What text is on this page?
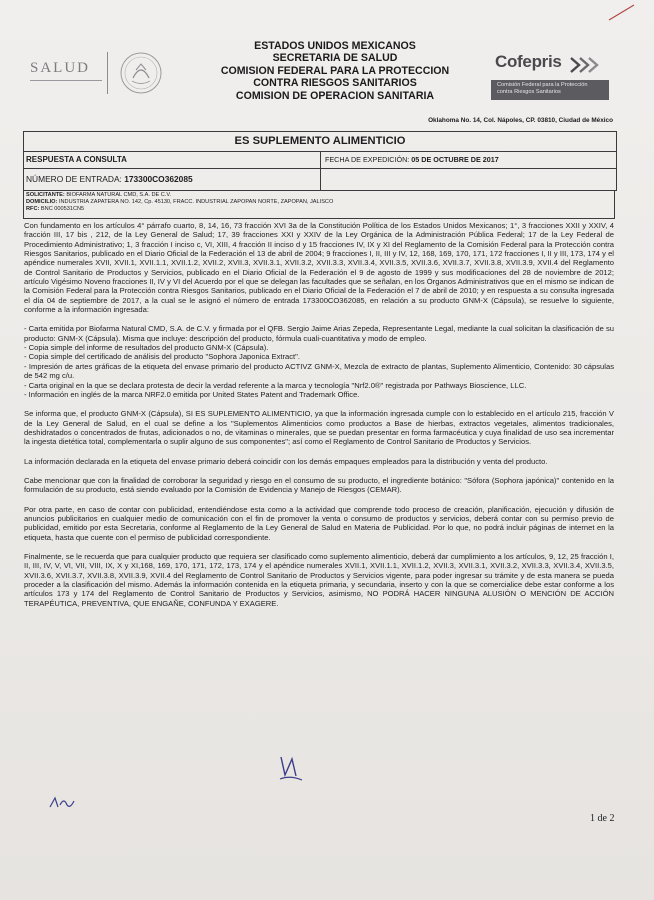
SALUD
ESTADOS UNIDOS MEXICANOS
SECRETARIA DE SALUD
COMISION FEDERAL PARA LA PROTECCION
CONTRA RIESGOS SANITARIOS
COMISION DE OPERACION SANITARIA
Cofepris
Comisión Federal para la Protección
contra Riesgos Sanitarios
Oklahoma No. 14, Col. Nápoles, CP. 03810, Ciudad de México
ES SUPLEMENTO ALIMENTICIO
RESPUESTA A CONSULTA	FECHA DE EXPEDICIÓN: 05 DE OCTUBRE DE 2017
NÚMERO DE ENTRADA: 173300CO362085
SOLICITANTE: BIOFARMA NATURAL CMD, S.A. DE C.V.
DOMICILIO: INDUSTRIA ZAPATERA NO. 142, Cp. 45130, FRACC. INDUSTRIAL ZAPOPAN NORTE, ZAPOPAN, JALISCO
RFC: BNC 000531CN5

Con fundamento en los artículos 4° párrafo cuarto, 8, 14, 16, 73 fracción XVI 3a de la Constitución Política de los Estados Unidos Mexicanos; 1°, 3 fracciones XXII y XXIV, 4 fracción III, 17 bis , 212, de la Ley General de Salud; 17, 39 fracciones XXI y XXIV de la Ley Orgánica de la Administración Pública Federal; 17 de la Ley Federal de Procedimiento Administrativo; 1, 3 fracción I inciso c, VI, XIII, 4 fracción II inciso d y 15 fracciones IV, IX y XI del Reglamento de la Comisión Federal para la Protección contra Riesgos Sanitarios, publicado en el Diario Oficial de la Federación el 13 de abril de 2004; 9 fracciones I, II, III y IV, 12, 168, 169, 170, 171, 172 fracciones I, II y III, 173, 174 y el apéndice numerales XVII, XVII.1, XVII.1.1, XVII.1.2, XVII.2, XVII.3, XVII.3.1, XVII.3.2, XVII.3.3, XVII.3.4, XVII.3.5, XVII.3.6, XVII.3.7, XVII.3.8, XVII.3.9, XVII.4 del Reglamento de Control Sanitario de Productos y Servicios, publicado en el Diario Oficial de la Federación el 9 de agosto de 1999 y sus modificaciones del 28 de noviembre de 2012; artículo Vigésimo Noveno fracciones II, IV y VI del Acuerdo por el que se delegan las facultades que se señalan, en los Órganos Administrativos que en el mismo se indican de la Comisión Federal para la Protección contra Riesgos Sanitarios, publicado en el Diario Oficial de la Federación el 7 de abril de 2010; y en respuesta a su consulta ingresada el día 04 de septiembre de 2017, a la cual se le asignó el número de entrada 173300CO362085, en relación a su producto GNM-X (Cápsula), se resuelve lo siguiente, conforme a la información ingresada:

- Carta emitida por Biofarma Natural CMD, S.A. de C.V. y firmada por el QFB. Sergio Jaime Arias Zepeda, Representante Legal, mediante la cual solicitan la clasificación de su producto: GNM-X (Cápsula). Misma que incluye: descripción del producto, fórmula cuali-cuantitativa y modo de empleo.

- Copia simple del informe de resultados del producto GNM-X (Cápsula).

- Copia simple del certificado de análisis del producto "Sophora Japonica Extract".

- Impresión de artes gráficas de la etiqueta del envase primario del producto ACTIVZ GNM-X, Mezcla de extracto de plantas, Suplemento Alimenticio, Contenido: 30 cápsulas de 542 mg c/u.

- Carta original en la que se declara protesta de decir la verdad referente a la marca y tecnología "Nrf2.0®" registrada por Pathways Bioscience, LLC.

- Información en inglés de la marca NRF2.0 emitida por United States Patent and Trademark Office.

Se informa que, el producto GNM-X (Cápsula), SI ES SUPLEMENTO ALIMENTICIO, ya que la información ingresada cumple con lo establecido en el artículo 215, fracción V de la Ley General de Salud, en el cual se define a los "Suplementos Alimenticios como productos a Base de hierbas, extractos vegetales, alimentos tradicionales, deshidratados o concentrados de frutas, adicionados o no, de vitaminas o minerales, que se puedan presentar en forma farmacéutica y cuya finalidad de uso sea incrementar la ingesta dietética total, complementarla o suplir alguno de sus componentes"; así como el Reglamento de Control Sanitario de Productos y Servicios.

La información declarada en la etiqueta del envase primario deberá coincidir con los demás empaques empleados para la distribución y venta del producto.

Cabe mencionar que con la finalidad de corroborar la seguridad y riesgo en el consumo de su producto, el ingrediente botánico: "Sófora (Sophora japónica)" contenido en la formulación de su producto, está siendo evaluado por la Comisión de Evidencia y Manejo de Riesgos (CEMAR).

Por otra parte, en caso de contar con publicidad, entendiéndose esta como a la actividad que comprende todo proceso de creación, planificación, ejecución y difusión de anuncios publicitarios en cualquier medio de comunicación con el fin de promover la venta o consumo de productos y servicios, deberá contar con su permiso previo de publicidad, emitido por esta Secretaria, conforme al Reglamento de la Ley General de Salud en Materia de Publicidad. Por lo que, no podrá incluir páginas de internet en la etiqueta, hasta que cuente con el permiso de publicidad correspondiente.

Finalmente, se le recuerda que para cualquier producto que requiera ser clasificado como suplemento alimenticio, deberá dar cumplimiento a los artículos, 9, 12, 25 fracción I, II, III, IV, V, VI, VII, VIII, IX, X y XI,168, 169, 170, 171, 172, 173, 174 y el apéndice numerales XVII.1, XVII.1.1, XVII.1.2, XVII.3, XVII.3.1, XVII.3.2, XVII.3.3, XVII.3.4, XVII.3.5, XVII.3.6, XVII.3.7, XVII.3.8, XVII.3.9, XVII.4 del Reglamento de Control Sanitario de Productos y Servicios vigente, para poder ingresar su trámite y de esta manera se pueda proceder a la clasificación del mismo. Además la información contenida en la etiqueta primaria, y secundaria, inserto y con la que se comercialice debe estar conforme a los artículos 173 y 174 del Reglamento de Control Sanitario de Productos y Servicios, asimismo, NO PODRÁ HACER NINGUNA ALUSIÓN O MENCIÓN DE ACCIÓN TERAPÉUTICA, PREVENTIVA, QUE ENGAÑE, CONFUNDA Y EXAGERE.

1 de 2
